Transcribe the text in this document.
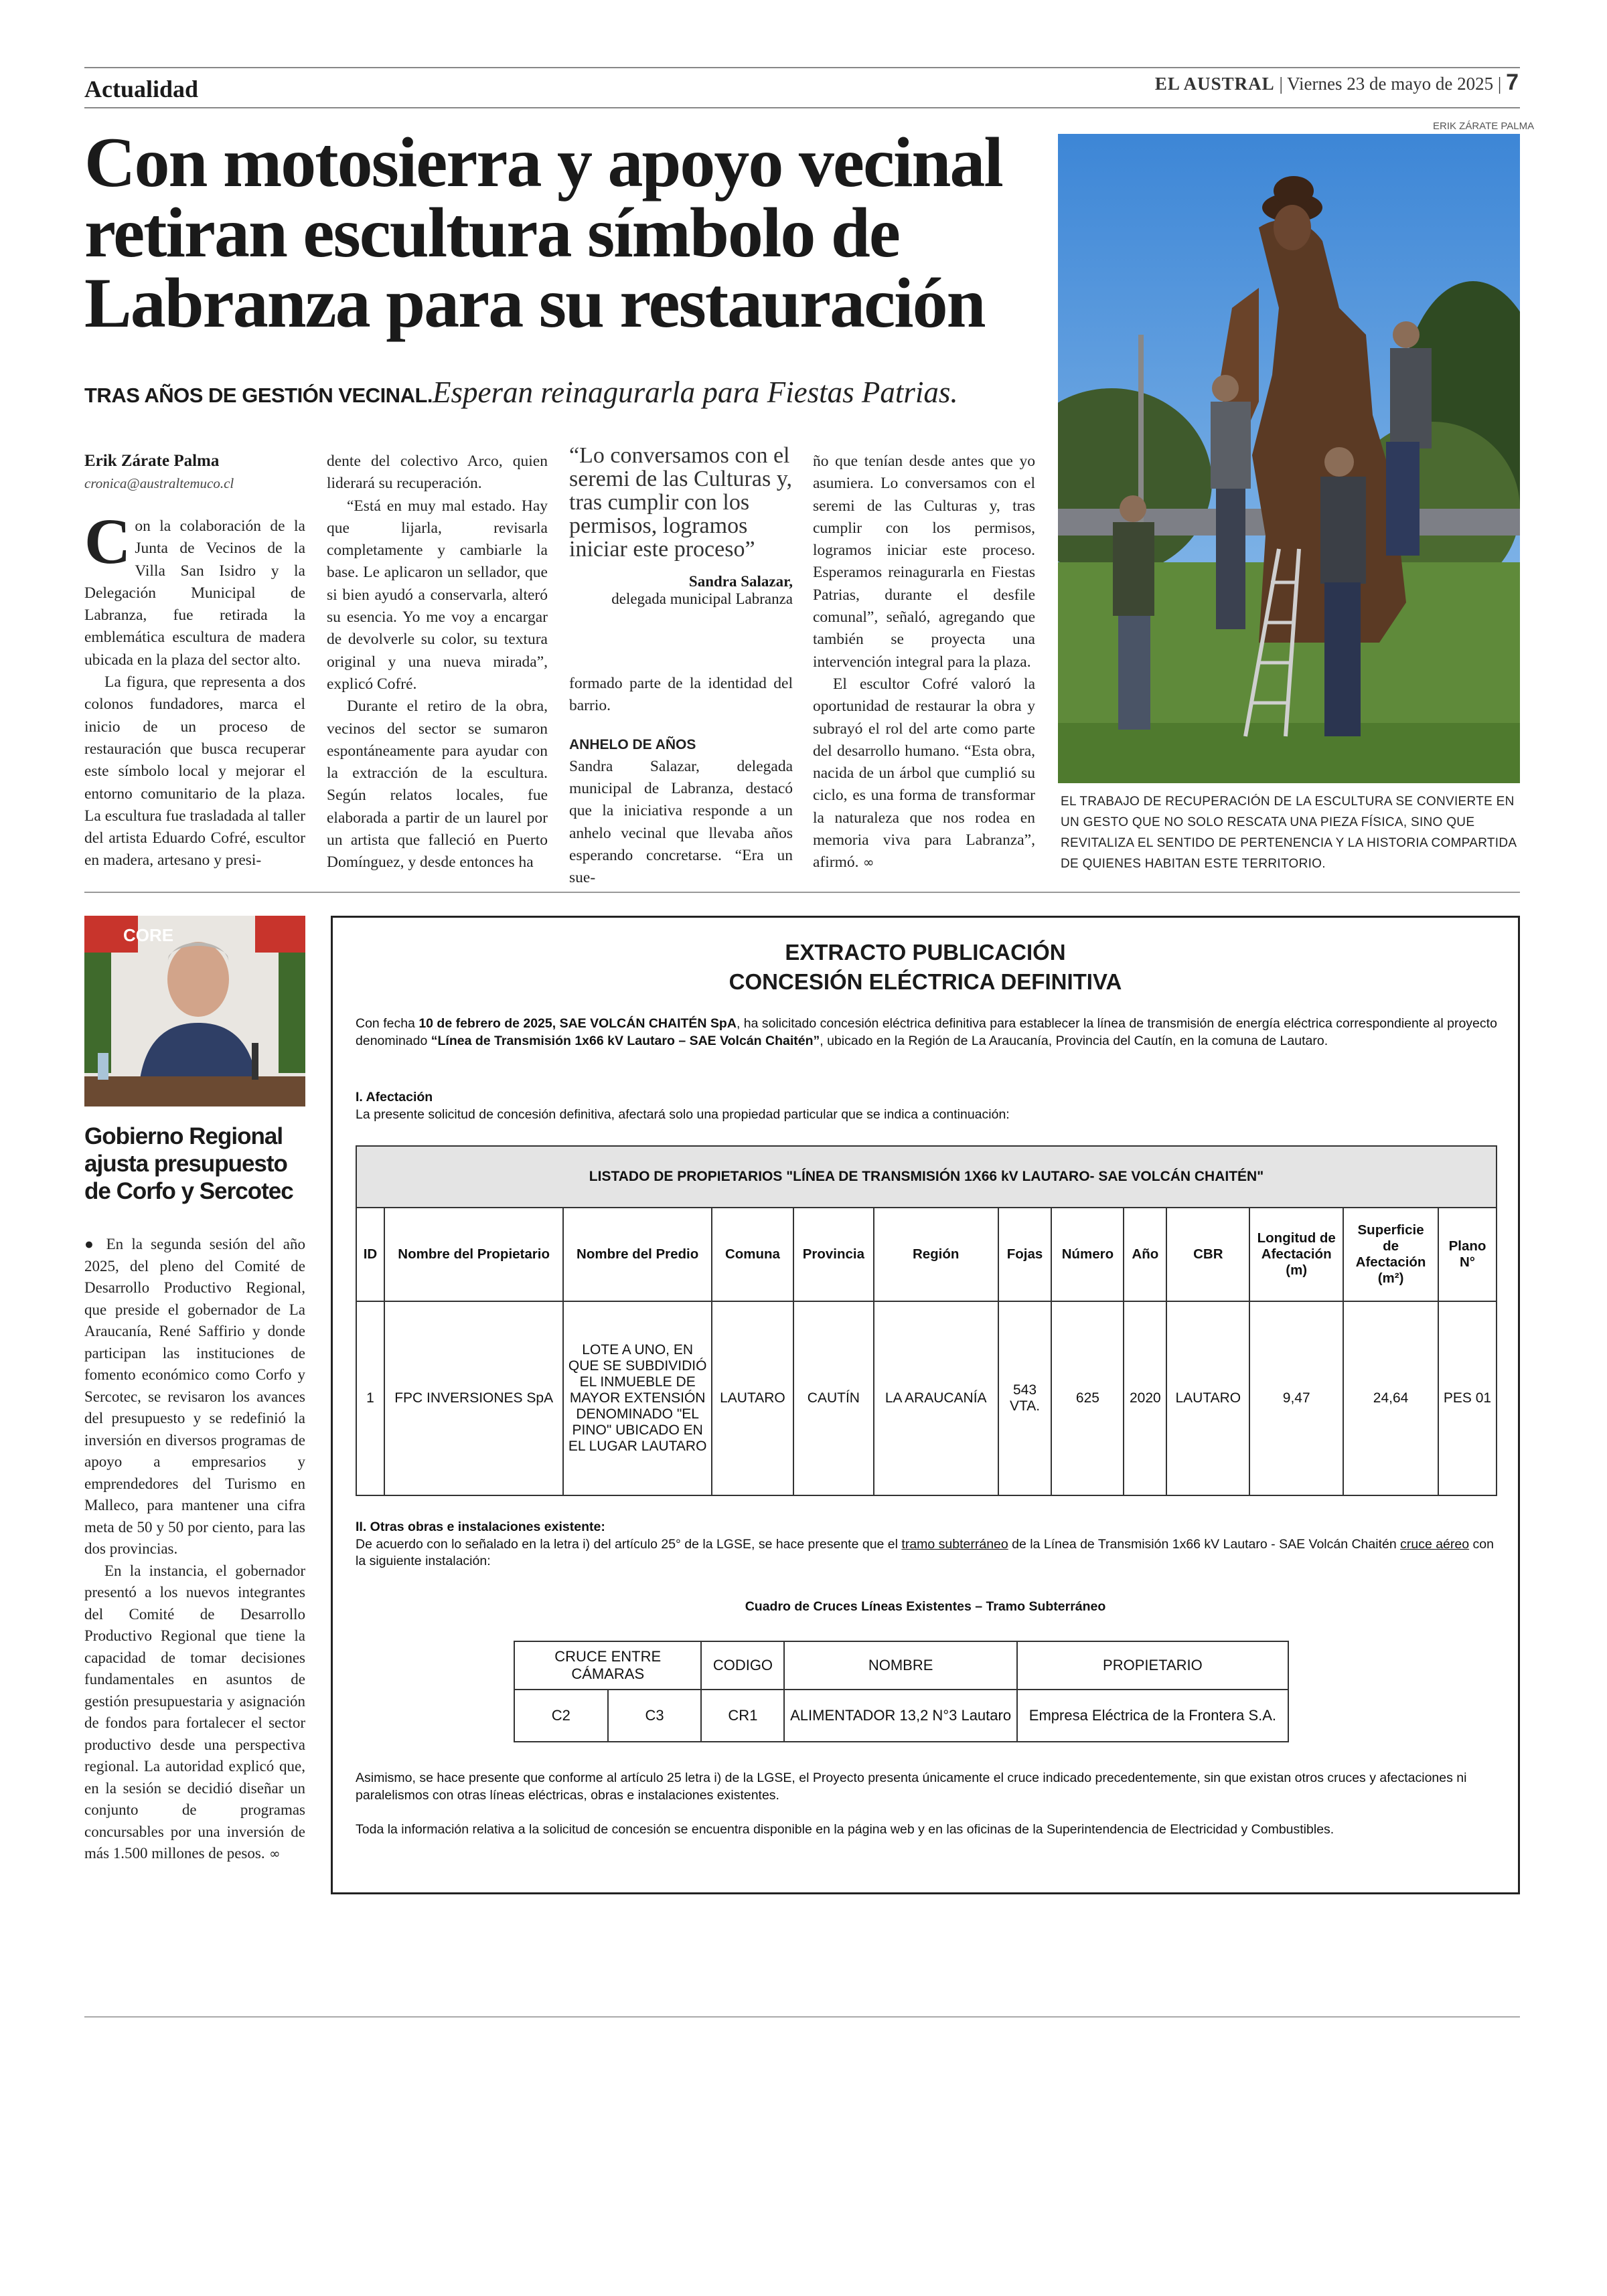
Actualidad	EL AUSTRAL | Viernes 23 de mayo de 2025 | 7
Con motosierra y apoyo vecinal retiran escultura símbolo de Labranza para su restauración
TRAS AÑOS DE GESTIÓN VECINAL.Esperan reinagurarla para Fiestas Patrias.
Erik Zárate Palma
cronica@australtemuco.cl

Con la colaboración de la Junta de Vecinos de la Villa San Isidro y la Delegación Municipal de Labranza, fue retirada la emblemática escultura de madera ubicada en la plaza del sector alto.

La figura, que representa a dos colonos fundadores, marca el inicio de un proceso de restauración que busca recuperar este símbolo local y mejorar el entorno comunitario de la plaza. La escultura fue trasladada al taller del artista Eduardo Cofré, escultor en madera, artesano y presi-

dente del colectivo Arco, quien liderará su recuperación.

“Está en muy mal estado. Hay que lijarla, revisarla completamente y cambiarle la base. Le aplicaron un sellador, que si bien ayudó a conservarla, alteró su esencia. Yo me voy a encargar de devolverle su color, su textura original y una nueva mirada”, explicó Cofré.

Durante el retiro de la obra, vecinos del sector se sumaron espontáneamente para ayudar con la extracción de la escultura. Según relatos locales, fue elaborada a partir de un laurel por un artista que falleció en Puerto Domínguez, y desde entonces ha

“Lo conversamos con el seremi de las Culturas y, tras cumplir con los permisos, logramos iniciar este proceso”
Sandra Salazar,
delegada municipal Labranza

formado parte de la identidad del barrio.

ANHELO DE AÑOS

Sandra Salazar, delegada municipal de Labranza, destacó que la iniciativa responde a un anhelo vecinal que llevaba años esperando concretarse. “Era un sue-

ño que tenían desde antes que yo asumiera. Lo conversamos con el seremi de las Culturas y, tras cumplir con los permisos, logramos iniciar este proceso. Esperamos reinagurarla en Fiestas Patrias, durante el desfile comunal”, señaló, agregando que también se proyecta una intervención integral para la plaza.

El escultor Cofré valoró la oportunidad de restaurar la obra y subrayó el rol del arte como parte del desarrollo humano. “Esta obra, nacida de un árbol que cumplió su ciclo, es una forma de transformar la naturaleza que nos rodea en memoria viva para Labranza”, afirmó. ∞

ERIK ZÁRATE PALMA
EL TRABAJO DE RECUPERACIÓN DE LA ESCULTURA SE CONVIERTE EN UN GESTO QUE NO SOLO RESCATA UNA PIEZA FÍSICA, SINO QUE REVITALIZA EL SENTIDO DE PERTENENCIA Y LA HISTORIA COMPARTIDA DE QUIENES HABITAN ESTE TERRITORIO.
CORE
Gobierno Regional ajusta presupuesto de Corfo y Sercotec

● En la segunda sesión del año 2025, del pleno del Comité de Desarrollo Productivo Regional, que preside el gobernador de La Araucanía, René Saffirio y donde participan las instituciones de fomento económico como Corfo y Sercotec, se revisaron los avances del presupuesto y se redefinió la inversión en diversos programas de apoyo a empresarios y emprendedores del Turismo en Malleco, para mantener una cifra meta de 50 y 50 por ciento, para las dos provincias.

En la instancia, el gobernador presentó a los nuevos integrantes del Comité de Desarrollo Productivo Regional que tiene la capacidad de tomar decisiones fundamentales en asuntos de gestión presupuestaria y asignación de fondos para fortalecer el sector productivo desde una perspectiva regional. La autoridad explicó que, en la sesión se decidió diseñar un conjunto de programas concursables por una inversión de más 1.500 millones de pesos. ∞

EXTRACTO PUBLICACIÓN
CONCESIÓN ELÉCTRICA DEFINITIVA
Con fecha 10 de febrero de 2025, SAE VOLCÁN CHAITÉN SpA, ha solicitado concesión eléctrica definitiva para establecer la línea de transmisión de energía eléctrica correspondiente al proyecto denominado “Línea de Transmisión 1x66 kV Lautaro – SAE Volcán Chaitén”, ubicado en la Región de La Araucanía, Provincia del Cautín, en la comuna de Lautaro.
I. Afectación
La presente solicitud de concesión definitiva, afectará solo una propiedad particular que se indica a continuación:
LISTADO DE PROPIETARIOS "LÍNEA DE TRANSMISIÓN 1X66 kV LAUTARO- SAE VOLCÁN CHAITÉN"												
ID	Nombre del Propietario	Nombre del Predio	Comuna	Provincia	Región	Fojas	Número	Año	CBR	Longitud de Afectación (m)	Superficie de Afectación (m²)	Plano N°
1	FPC INVERSIONES SpA	LOTE A UNO, EN QUE SE SUBDIVIDIÓ EL INMUEBLE DE MAYOR EXTENSIÓN DENOMINADO "EL PINO" UBICADO EN EL LUGAR LAUTARO	LAUTARO	CAUTÍN	LA ARAUCANÍA	543 VTA.	625	2020	LAUTARO	9,47	24,64	PES 01
II. Otras obras e instalaciones existente:
De acuerdo con lo señalado en la letra i) del artículo 25° de la LGSE, se hace presente que el tramo subterráneo de la Línea de Transmisión 1x66 kV Lautaro - SAE Volcán Chaitén cruce aéreo con la siguiente instalación:
Cuadro de Cruces Líneas Existentes – Tramo Subterráneo
CRUCE ENTRE CÁMARAS		CODIGO	NOMBRE	PROPIETARIO
C2	C3	CR1	ALIMENTADOR 13,2 N°3 Lautaro	Empresa Eléctrica de la Frontera S.A.
Asimismo, se hace presente que conforme al artículo 25 letra i) de la LGSE, el Proyecto presenta únicamente el cruce indicado precedentemente, sin que existan otros cruces y afectaciones ni paralelismos con otras líneas eléctricas, obras e instalaciones existentes.
Toda la información relativa a la solicitud de concesión se encuentra disponible en la página web y en las oficinas de la Superintendencia de Electricidad y Combustibles.
